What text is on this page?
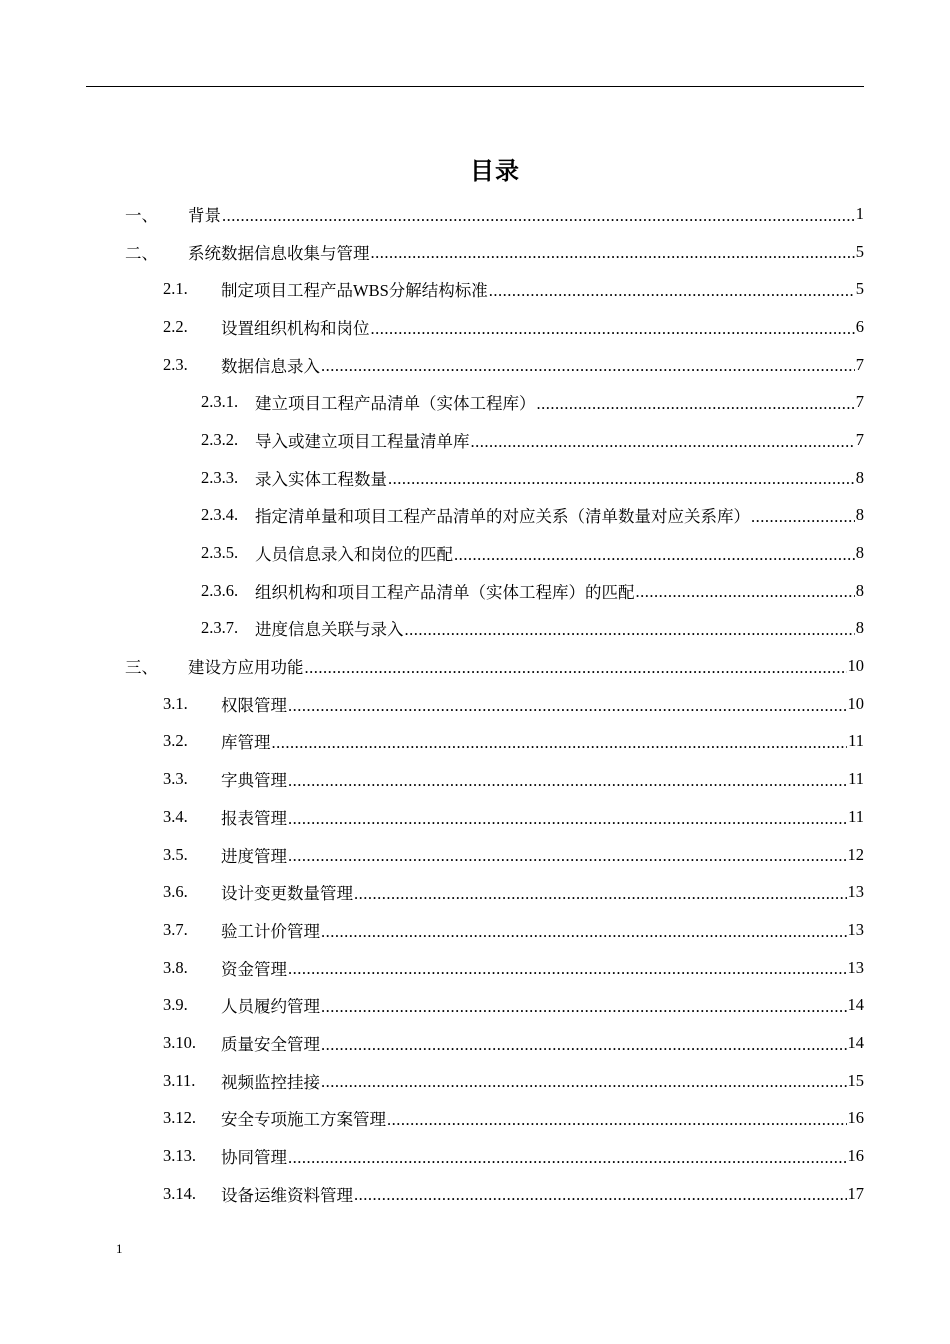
目录
一、	背景 .....	1
二、	系统数据信息收集与管理 .....	5
2.1.	制定项目工程产品WBS分解结构标准 .....	5
2.2.	设置组织机构和岗位 .....	6
2.3.	数据信息录入 .....	7
2.3.1.	建立项目工程产品清单（实体工程库） .....	7
2.3.2.	导入或建立项目工程量清单库 .....	7
2.3.3.	录入实体工程数量 .....	8
2.3.4.	指定清单量和项目工程产品清单的对应关系（清单数量对应关系库） .....	8
2.3.5.	人员信息录入和岗位的匹配 .....	8
2.3.6.	组织机构和项目工程产品清单（实体工程库）的匹配 .....	8
2.3.7.	进度信息关联与录入 .....	8
三、	建设方应用功能 .....	10
3.1.	权限管理 .....	10
3.2.	库管理 .....	11
3.3.	字典管理 .....	11
3.4.	报表管理 .....	11
3.5.	进度管理 .....	12
3.6.	设计变更数量管理 .....	13
3.7.	验工计价管理 .....	13
3.8.	资金管理 .....	13
3.9.	人员履约管理 .....	14
3.10.	质量安全管理 .....	14
3.11.	视频监控挂接 .....	15
3.12.	安全专项施工方案管理 .....	16
3.13.	协同管理 .....	16
3.14.	设备运维资料管理 .....	17
1
